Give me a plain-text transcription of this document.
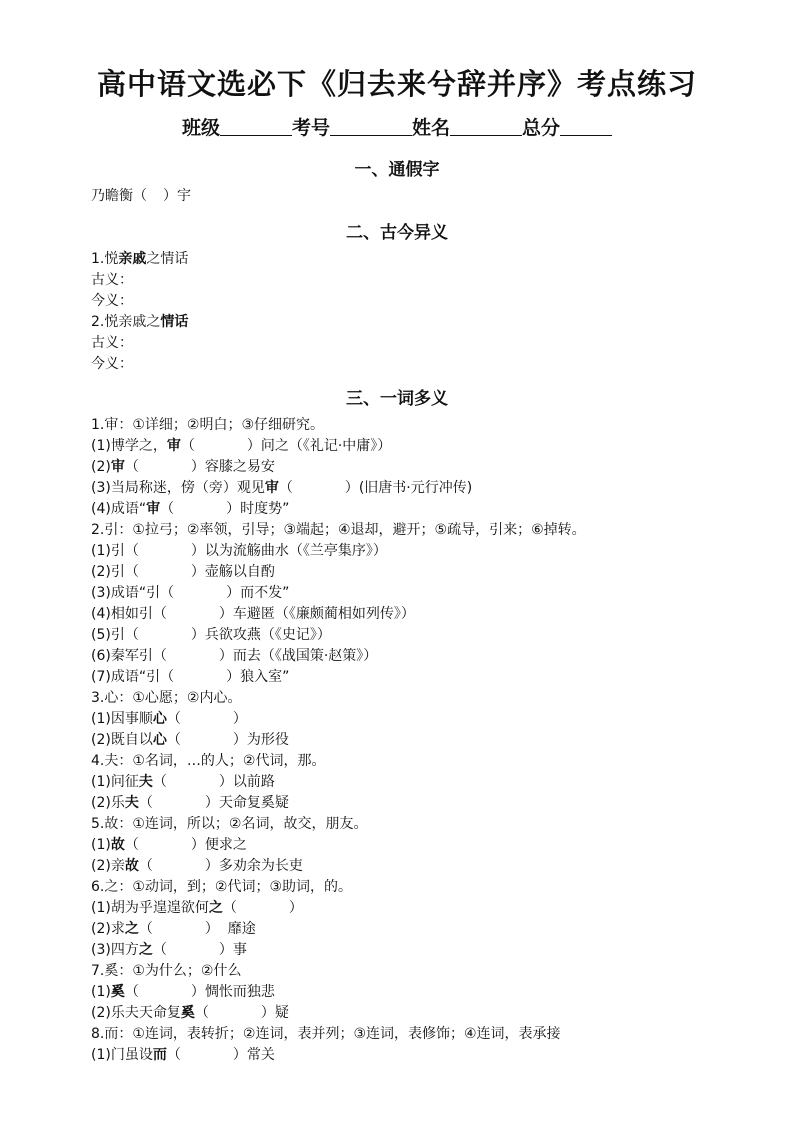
高中语文选必下《归去来兮辞并序》考点练习
班级	考号	姓名	总分
一、通假字
乃瞻衡（ ）宇
二、古今异义
1.悦亲戚之情话
古义：
今义：
2.悦亲戚之情话
古义：
今义：
三、一词多义
1.审：①详细；②明白；③仔细研究。
(1)博学之，审（	）问之（《礼记·中庸》）
(2)审（	）容膝之易安
(3)当局称迷，傍（旁）观见审（	）(旧唐书·元行冲传)
(4)成语“审（	）时度势”
2.引：①拉弓；②率领，引导；③端起；④退却，避开；⑤疏导，引来；⑥掉转。
(1)引（	）以为流觞曲水（《兰亭集序》）
(2)引（	）壶觞以自酌
(3)成语“引（	）而不发”
(4)相如引（	）车避匿（《廉颇蔺相如列传》）
(5)引（	）兵欲攻燕（《史记》）
(6)秦军引（	）而去（《战国策·赵策》）
(7)成语“引（	）狼入室”
3.心：①心愿；②内心。
(1)因事顺心（	）
(2)既自以心（	）为形役
4.夫：①名词，…的人；②代词，那。
(1)问征夫（	）以前路
(2)乐夫（	）天命复奚疑
5.故：①连词，所以；②名词，故交，朋友。
(1)故（	）便求之
(2)亲故（	）多劝余为长吏
6.之：①动词，到；②代词；③助词，的。
(1)胡为乎遑遑欲何之（	）
(2)求之（	）  靡途
(3)四方之（	）事
7.奚：①为什么；②什么
(1)奚（	）惆怅而独悲
(2)乐夫天命复奚（	）疑
8.而：①连词，表转折；②连词，表并列；③连词，表修饰；④连词，表承接
(1)门虽设而（	）常关
